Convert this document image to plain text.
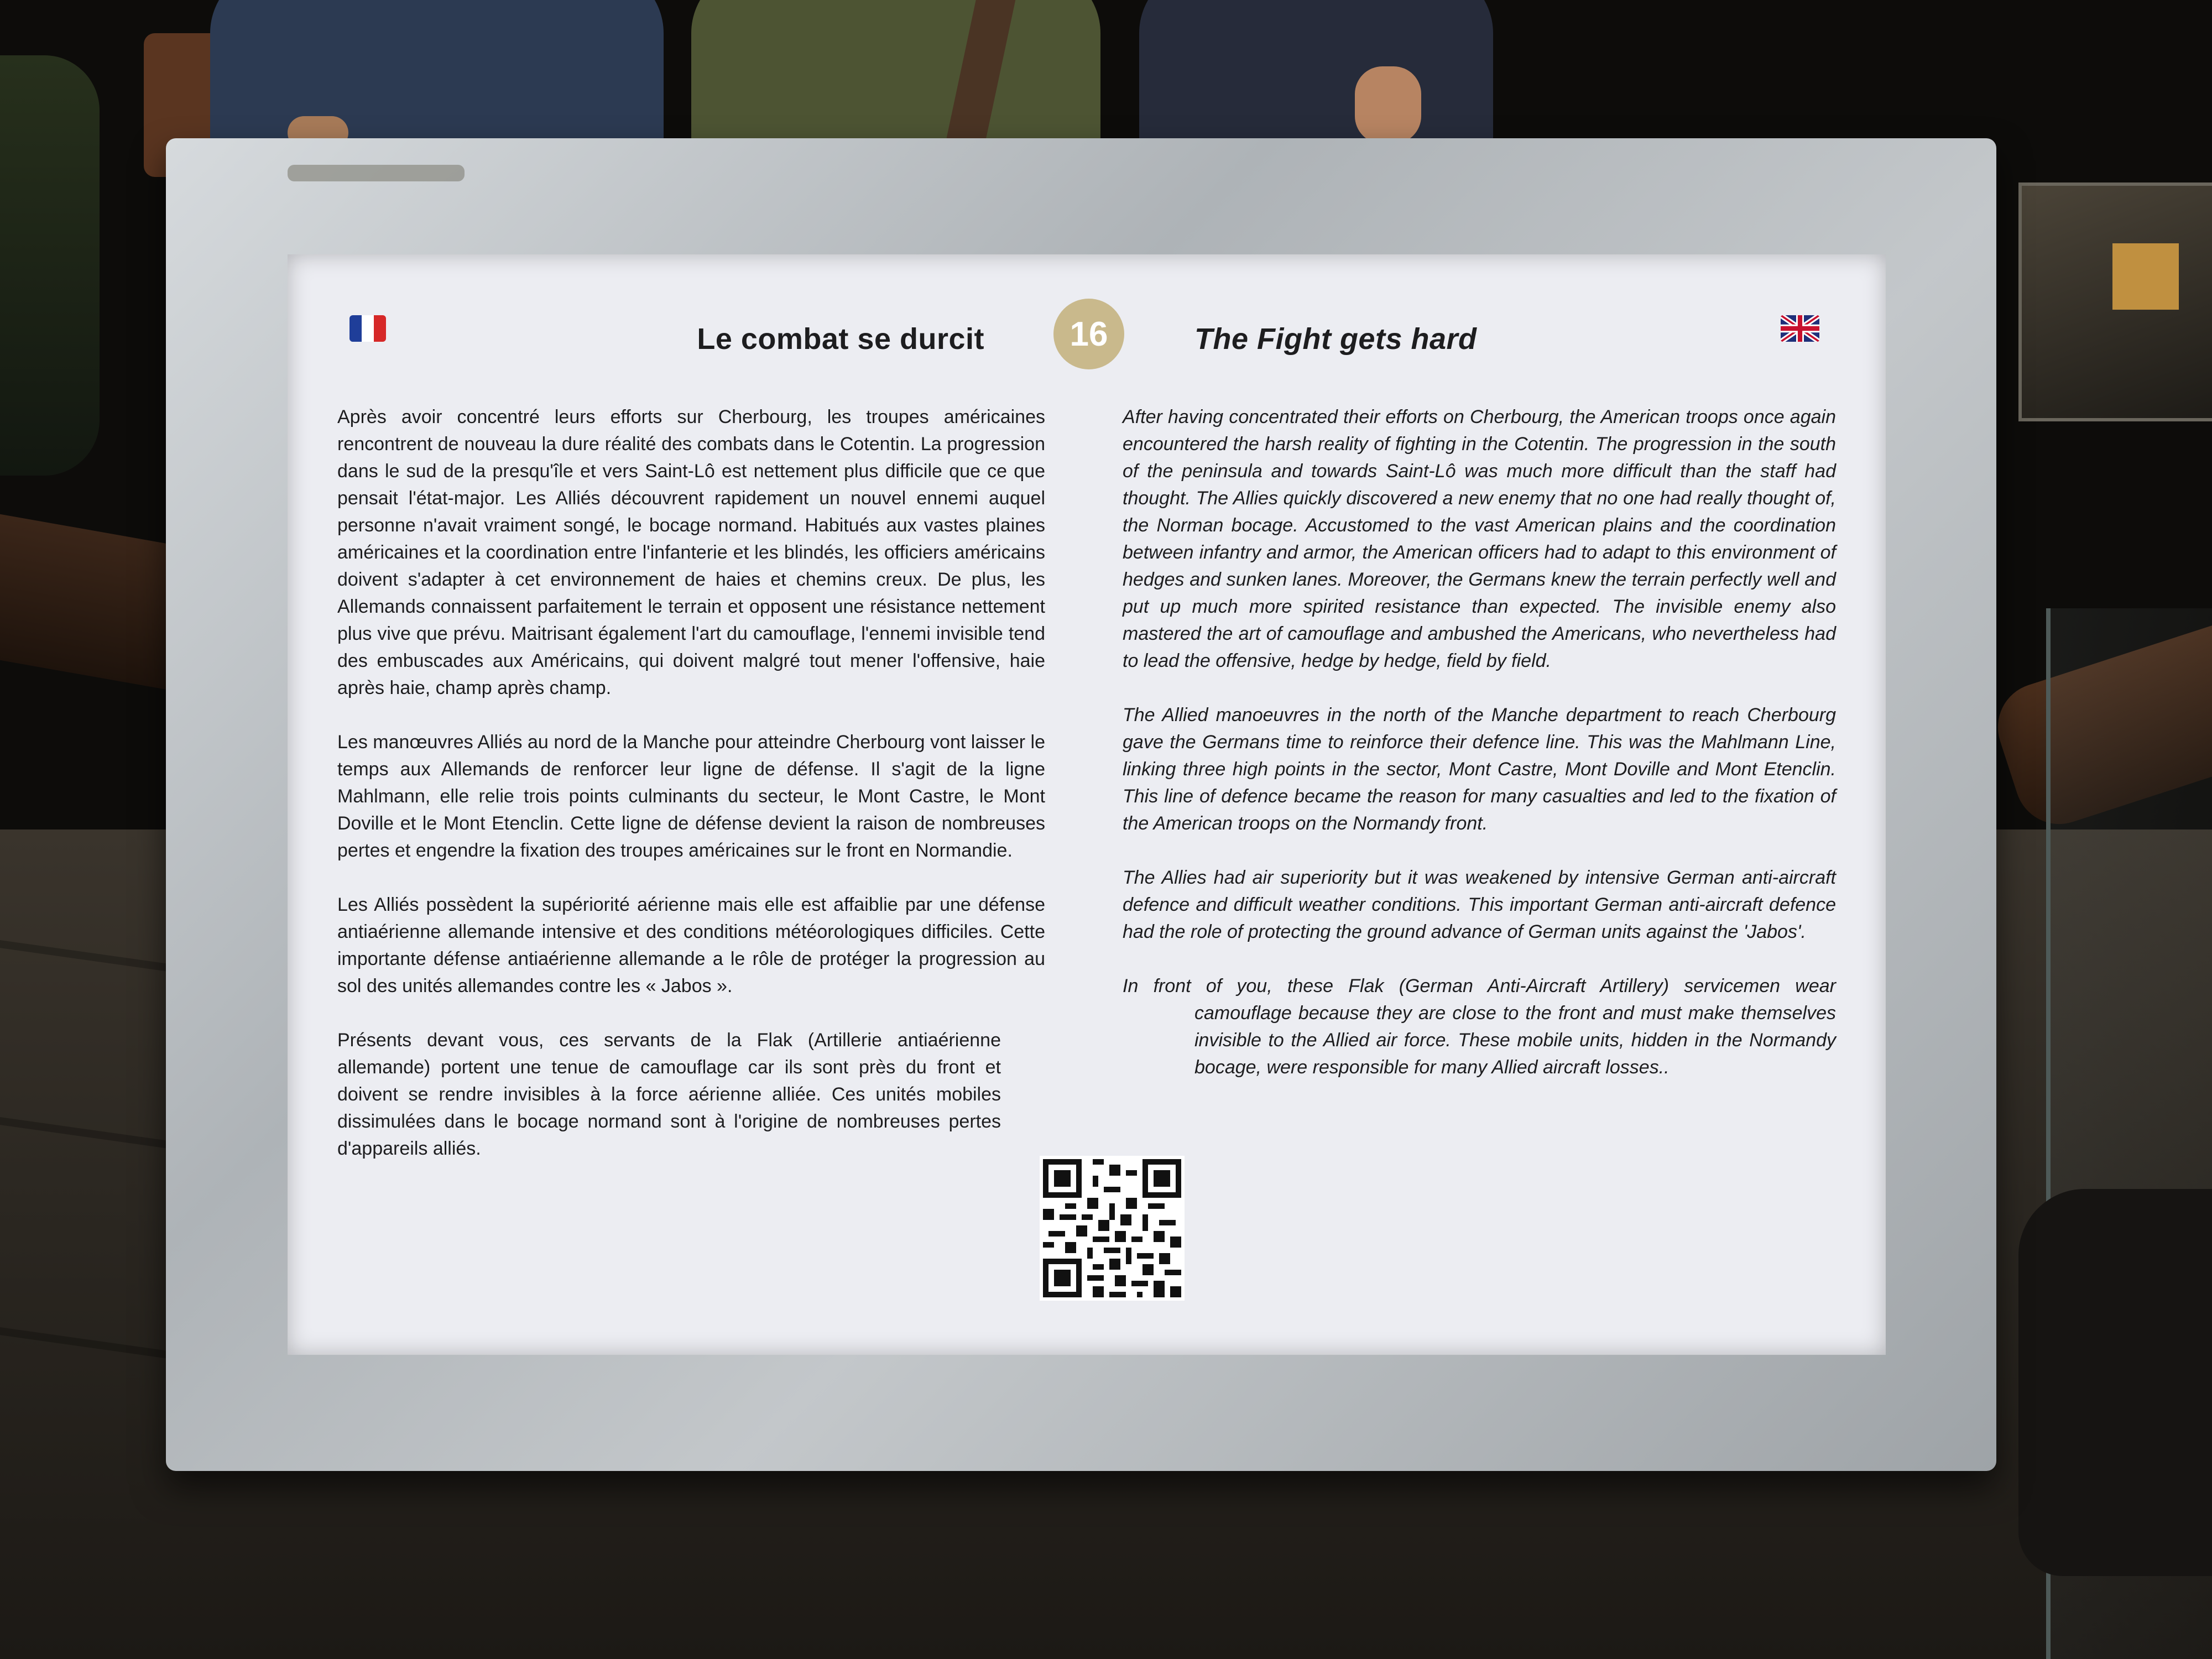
Le combat se durcit	16	The Fight gets hard

Après avoir concentré leurs efforts sur Cherbourg, les troupes américaines rencontrent de nouveau la dure réalité des combats dans le Cotentin. La progression dans le sud de la presqu'île et vers Saint-Lô est nettement plus difficile que ce que pensait l'état-major. Les Alliés découvrent rapidement un nouvel ennemi auquel personne n'avait vraiment songé, le bocage normand. Habitués aux vastes plaines américaines et la coordination entre l'infanterie et les blindés, les officiers américains doivent s'adapter à cet environnement de haies et chemins creux. De plus, les Allemands connaissent parfaitement le terrain et opposent une résistance nettement plus vive que prévu. Maitrisant également l'art du camouflage, l'ennemi invisible tend des embuscades aux Américains, qui doivent malgré tout mener l'offensive, haie après haie, champ après champ.

Les manœuvres Alliés au nord de la Manche pour atteindre Cherbourg vont laisser le temps aux Allemands de renforcer leur ligne de défense. Il s'agit de la ligne Mahlmann, elle relie trois points culminants du secteur, le Mont Castre, le Mont Doville et le Mont Etenclin. Cette ligne de défense devient la raison de nombreuses pertes et engendre la fixation des troupes américaines sur le front en Normandie.

Les Alliés possèdent la supériorité aérienne mais elle est affaiblie par une défense antiaérienne allemande intensive et des conditions météorologiques difficiles. Cette importante défense antiaérienne allemande a le rôle de protéger la progression au sol des unités allemandes contre les « Jabos ».

Présents devant vous, ces servants de la Flak (Artillerie antiaérienne allemande) portent une tenue de camouflage car ils sont près du front et doivent se rendre invisibles à la force aérienne alliée. Ces unités mobiles dissimulées dans le bocage normand sont à l'origine de nombreuses pertes d'appareils alliés.

After having concentrated their efforts on Cherbourg, the American troops once again encountered the harsh reality of fighting in the Cotentin. The progression in the south of the peninsula and towards Saint-Lô was much more difficult than the staff had thought. The Allies quickly discovered a new enemy that no one had really thought of, the Norman bocage. Accustomed to the vast American plains and the coordination between infantry and armor, the American officers had to adapt to this environment of hedges and sunken lanes. Moreover, the Germans knew the terrain perfectly well and put up much more spirited resistance than expected. The invisible enemy also mastered the art of camouflage and ambushed the Americans, who nevertheless had to lead the offensive, hedge by hedge, field by field.

The Allied manoeuvres in the north of the Manche department to reach Cherbourg gave the Germans time to reinforce their defence line. This was the Mahlmann Line, linking three high points in the sector, Mont Castre, Mont Doville and Mont Etenclin. This line of defence became the reason for many casualties and led to the fixation of the American troops on the Normandy front.

The Allies had air superiority but it was weakened by intensive German anti-aircraft defence and difficult weather conditions. This important German anti-aircraft defence had the role of protecting the ground advance of German units against the 'Jabos'.

In front of you, these Flak (German Anti-Aircraft Artillery) servicemen wear camouflage because they are close to the front and must make themselves invisible to the Allied air force. These mobile units, hidden in the Normandy bocage, were responsible for many Allied aircraft losses..
